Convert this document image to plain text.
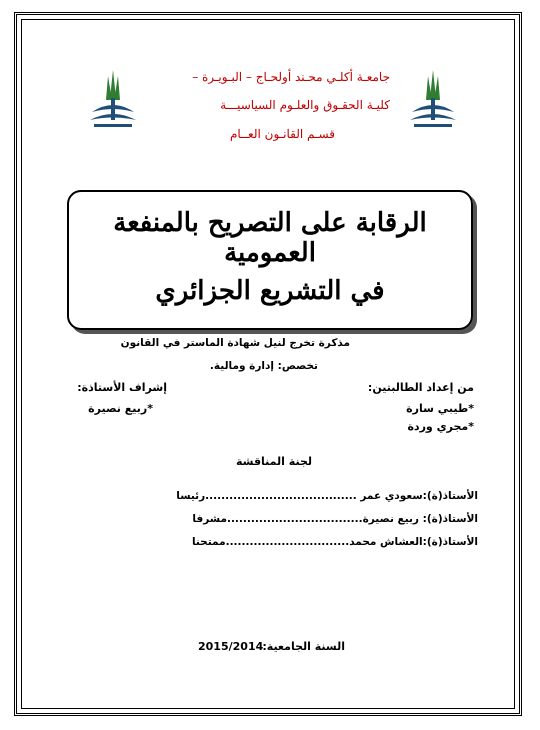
جامعـة أكلـي محـند أولحـاج – البـويـرة –
كليـة الحقـوق والعلـوم السياسيـــة
قسـم القانـون العــام
الرقابة على التصريح بالمنفعة العمومية
في التشريع الجزائري
مذكرة تخرج لنيل شهادة الماستر في القانون
تخصص: إدارة ومالية.
من إعداد الطالبتين:
*طيبي سارة
*مجري وردة
إشراف الأستاذة:
*ربيع نصيرة
لجنة المناقشة
الأستاذ(ة):سعودي عمر ......................................رئيسا
الأستاذ(ة): ربيع نصيرة..................................مشرفا
الأستاذ(ة):العشاش محمد...............................ممتحنا
السنة الجامعية:
2015/2014
